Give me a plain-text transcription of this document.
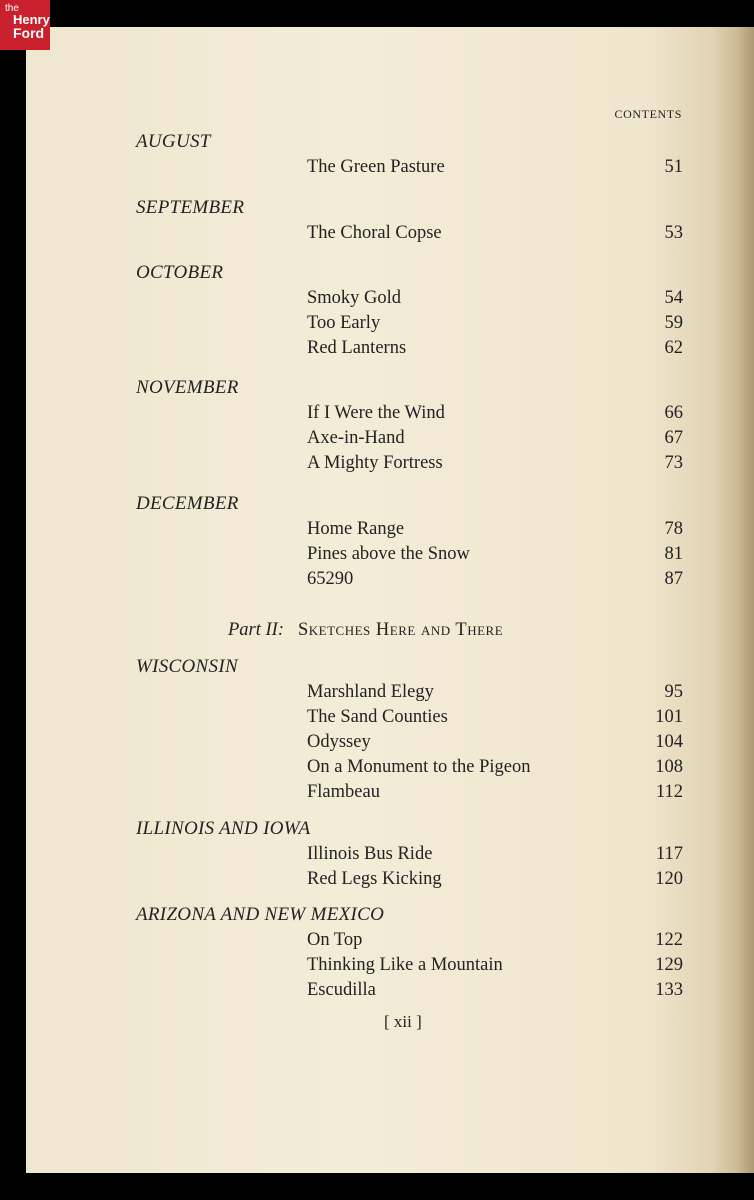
the
Henry
Ford
CONTENTS
AUGUST
The Green Pasture	51
SEPTEMBER
The Choral Copse	53
OCTOBER
Smoky Gold	54
Too Early	59
Red Lanterns	62
NOVEMBER
If I Were the Wind	66
Axe-in-Hand	67
A Mighty Fortress	73
DECEMBER
Home Range	78
Pines above the Snow	81
65290	87
Part II: Sketches Here and There
WISCONSIN
Marshland Elegy	95
The Sand Counties	101
Odyssey	104
On a Monument to the Pigeon	108
Flambeau	112
ILLINOIS AND IOWA
Illinois Bus Ride	117
Red Legs Kicking	120
ARIZONA AND NEW MEXICO
On Top	122
Thinking Like a Mountain	129
Escudilla	133
[ xii ]
